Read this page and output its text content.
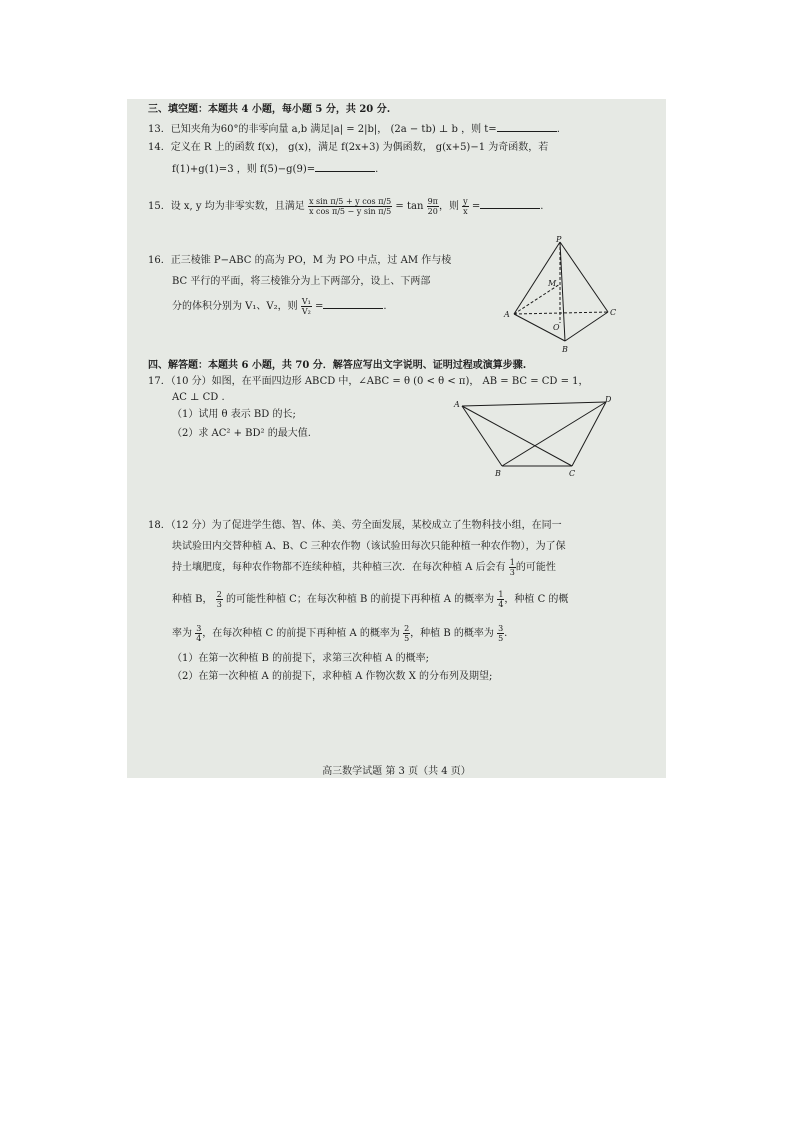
三、填空题：本题共 4 小题，每小题 5 分，共 20 分.
13．已知夹角为60°的非零向量 a,b 满足|a| = 2|b|， (2a − tb) ⊥ b ，则 t=	.
14．定义在 R 上的函数 f(x)， g(x)，满足 f(2x+3) 为偶函数， g(x+5)−1 为奇函数，若
f(1)+g(1)=3 ，则 f(5)−g(9)=	.
15．设 x, y 均为非零实数，且满足 $\frac{\text{x sin π/5 + y cos π/5}}{\text{x cos π/5 − y sin π/5}} = \tan \frac{9\pi}{20}$ ，则 $\frac{y}{x}$ =	.
16．正三棱锥 P−ABC 的高为 PO，M 为 PO 中点，过 AM 作与棱
BC 平行的平面，将三棱锥分为上下两部分，设上、下两部
分的体积分别为 V₁、V₂，则 $\frac{\text{V₁}}{\text{V₂}}$ =	.
P
M
A	C
O
B
四、解答题：本题共 6 小题，共 70 分．解答应写出文字说明、证明过程或演算步骤.
17．（10 分）如图，在平面四边形 ABCD 中，∠ABC = θ (0 < θ < π)， AB = BC = CD = 1，
AC ⊥ CD .
（1）试用 θ 表示 BD 的长;
（2）求 AC² + BD² 的最大值.
A
D
B	C
18．（12 分）为了促进学生德、智、体、美、劳全面发展，某校成立了生物科技小组，在同一
块试验田内交替种植 A、B、C 三种农作物（该试验田每次只能种植一种农作物），为了保
持土壤肥度，每种农作物都不连续种植，共种植三次．在每次种植 A 后会有 $\frac{1}{3}$ 的可能性
种植 B， $\frac{2}{3}$ 的可能性种植 C；在每次种植 B 的前提下再种植 A 的概率为 $\frac{1}{4}$ ，种植 C 的概
率为 $\frac{3}{4}$ ，在每次种植 C 的前提下再种植 A 的概率为 $\frac{2}{5}$ ，种植 B 的概率为 $\frac{3}{5}$ .
（1）在第一次种植 B 的前提下，求第三次种植 A 的概率;
（2）在第一次种植 A 的前提下，求种植 A 作物次数 X 的分布列及期望;
高三数学试题 第 3 页（共 4 页）
